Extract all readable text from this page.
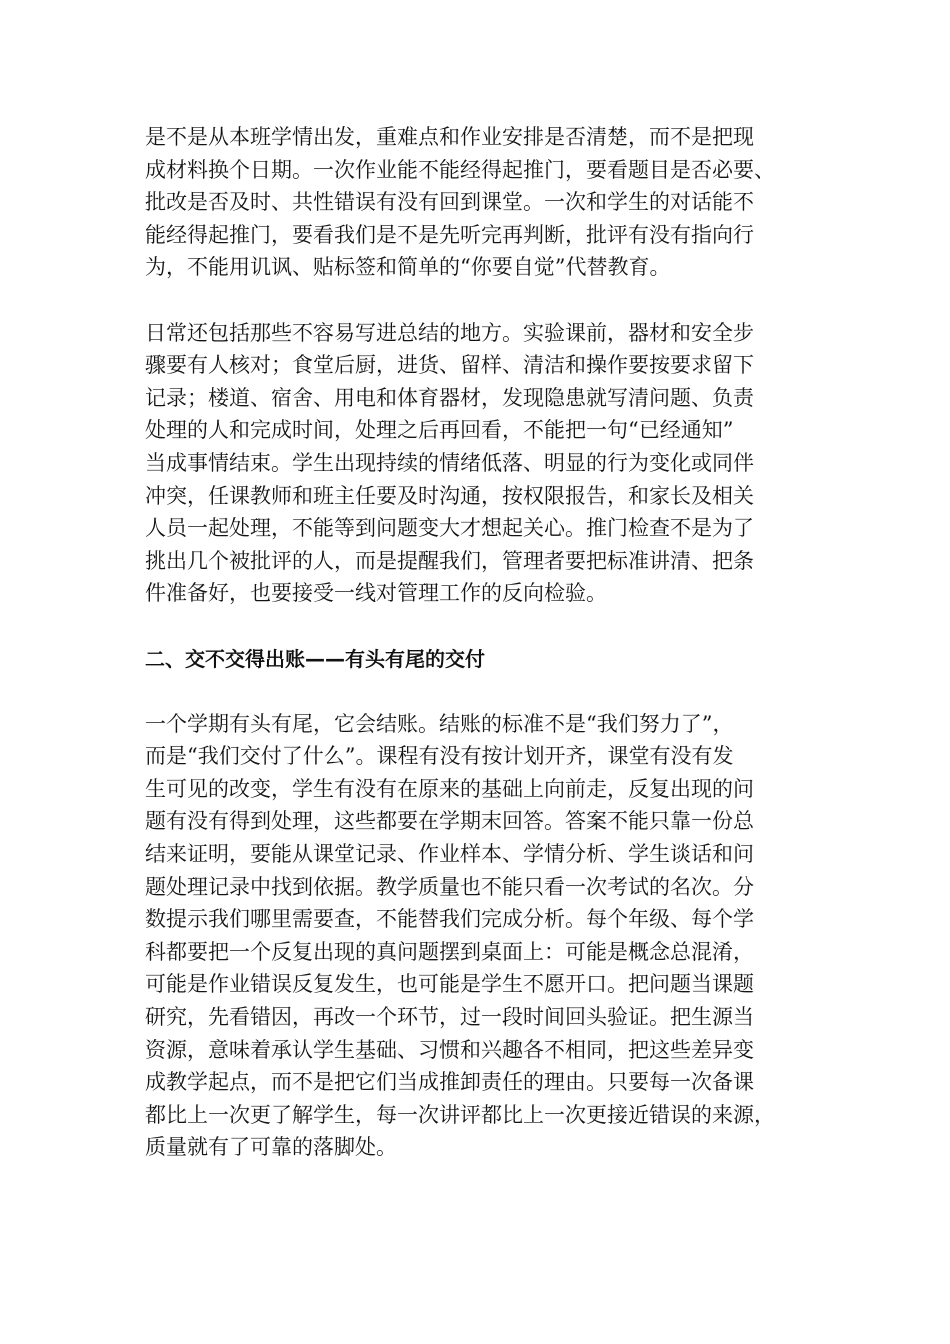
是不是从本班学情出发，重难点和作业安排是否清楚，而不是把现
成材料换个日期。一次作业能不能经得起推门，要看题目是否必要、
批改是否及时、共性错误有没有回到课堂。一次和学生的对话能不
能经得起推门，要看我们是不是先听完再判断，批评有没有指向行
为，不能用讥讽、贴标签和简单的“你要自觉”代替教育。
日常还包括那些不容易写进总结的地方。实验课前，器材和安全步
骤要有人核对；食堂后厨，进货、留样、清洁和操作要按要求留下
记录；楼道、宿舍、用电和体育器材，发现隐患就写清问题、负责
处理的人和完成时间，处理之后再回看，不能把一句“已经通知”
当成事情结束。学生出现持续的情绪低落、明显的行为变化或同伴
冲突，任课教师和班主任要及时沟通，按权限报告，和家长及相关
人员一起处理，不能等到问题变大才想起关心。推门检查不是为了
挑出几个被批评的人，而是提醒我们，管理者要把标准讲清、把条
件准备好，也要接受一线对管理工作的反向检验。
二、交不交得出账——有头有尾的交付
一个学期有头有尾，它会结账。结账的标准不是“我们努力了”，
而是“我们交付了什么”。课程有没有按计划开齐，课堂有没有发
生可见的改变，学生有没有在原来的基础上向前走，反复出现的问
题有没有得到处理，这些都要在学期末回答。答案不能只靠一份总
结来证明，要能从课堂记录、作业样本、学情分析、学生谈话和问
题处理记录中找到依据。教学质量也不能只看一次考试的名次。分
数提示我们哪里需要查，不能替我们完成分析。每个年级、每个学
科都要把一个反复出现的真问题摆到桌面上：可能是概念总混淆，
可能是作业错误反复发生，也可能是学生不愿开口。把问题当课题
研究，先看错因，再改一个环节，过一段时间回头验证。把生源当
资源，意味着承认学生基础、习惯和兴趣各不相同，把这些差异变
成教学起点，而不是把它们当成推卸责任的理由。只要每一次备课
都比上一次更了解学生，每一次讲评都比上一次更接近错误的来源，
质量就有了可靠的落脚处。
